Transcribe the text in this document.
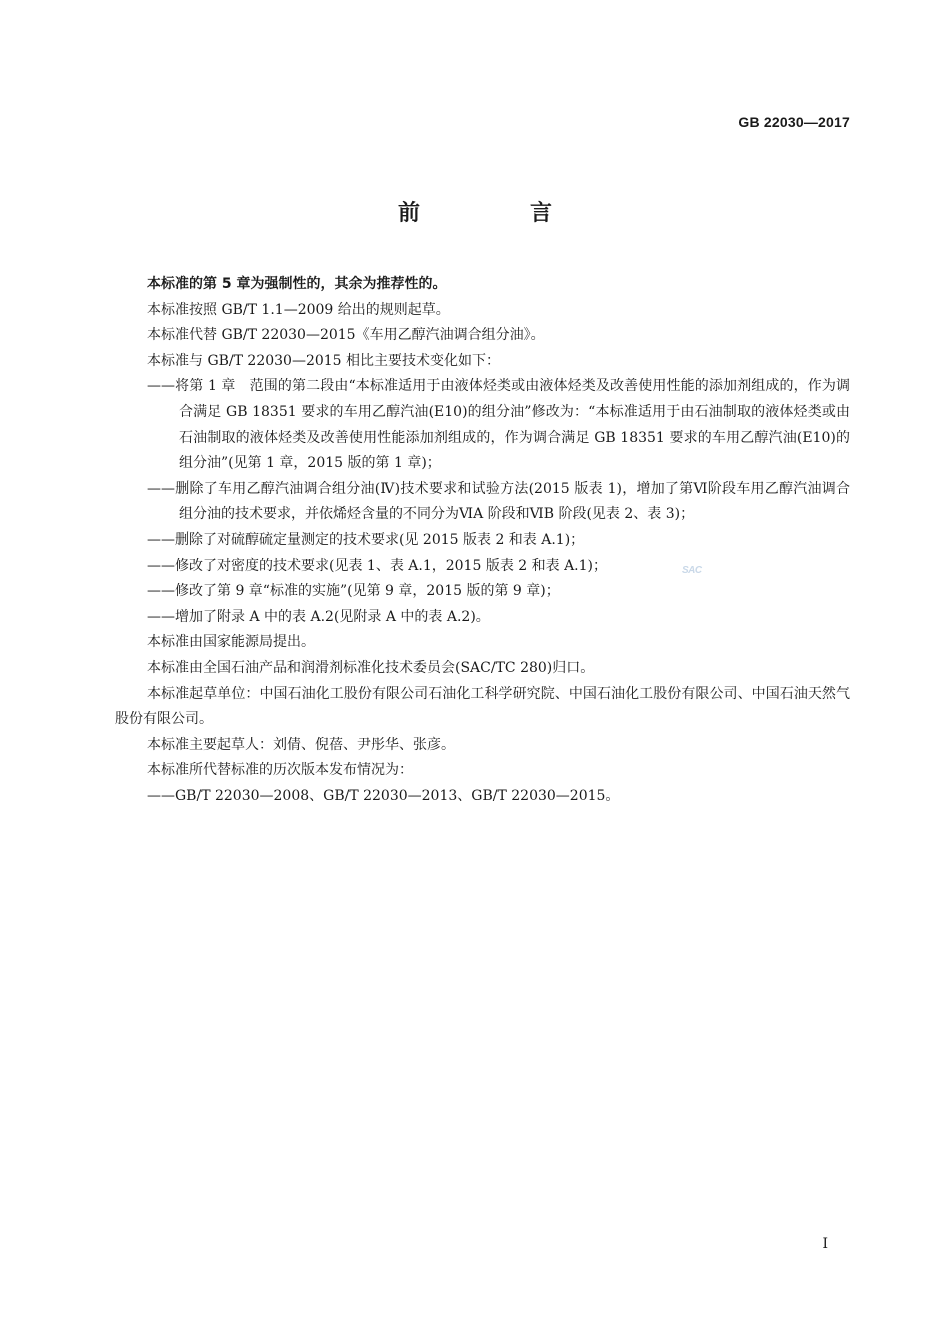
GB 22030—2017
前　言

本标准的第 5 章为强制性的，其余为推荐性的。

本标准按照 GB/T 1.1—2009 给出的规则起草。

本标准代替 GB/T 22030—2015《车用乙醇汽油调合组分油》。

本标准与 GB/T 22030—2015 相比主要技术变化如下：

——将第 1 章　范围的第二段由“本标准适用于由液体烃类或由液体烃类及改善使用性能的添加剂组成的，作为调合满足 GB 18351 要求的车用乙醇汽油(E10)的组分油”修改为：“本标准适用于由石油制取的液体烃类或由石油制取的液体烃类及改善使用性能添加剂组成的，作为调合满足 GB 18351 要求的车用乙醇汽油(E10)的组分油”(见第 1 章，2015 版的第 1 章)；

——删除了车用乙醇汽油调合组分油(Ⅳ)技术要求和试验方法(2015 版表 1)，增加了第Ⅵ阶段车用乙醇汽油调合组分油的技术要求，并依烯烃含量的不同分为ⅥA 阶段和ⅥB 阶段(见表 2、表 3)；

——删除了对硫醇硫定量测定的技术要求(见 2015 版表 2 和表 A.1)；

——修改了对密度的技术要求(见表 1、表 A.1，2015 版表 2 和表 A.1)；

——修改了第 9 章“标准的实施”(见第 9 章，2015 版的第 9 章)；

——增加了附录 A 中的表 A.2(见附录 A 中的表 A.2)。

本标准由国家能源局提出。

本标准由全国石油产品和润滑剂标准化技术委员会(SAC/TC 280)归口。

本标准起草单位：中国石油化工股份有限公司石油化工科学研究院、中国石油化工股份有限公司、中国石油天然气股份有限公司。

本标准主要起草人：刘倩、倪蓓、尹彤华、张彦。

本标准所代替标准的历次版本发布情况为：

——GB/T 22030—2008、GB/T 22030—2013、GB/T 22030—2015。

SAC
I
